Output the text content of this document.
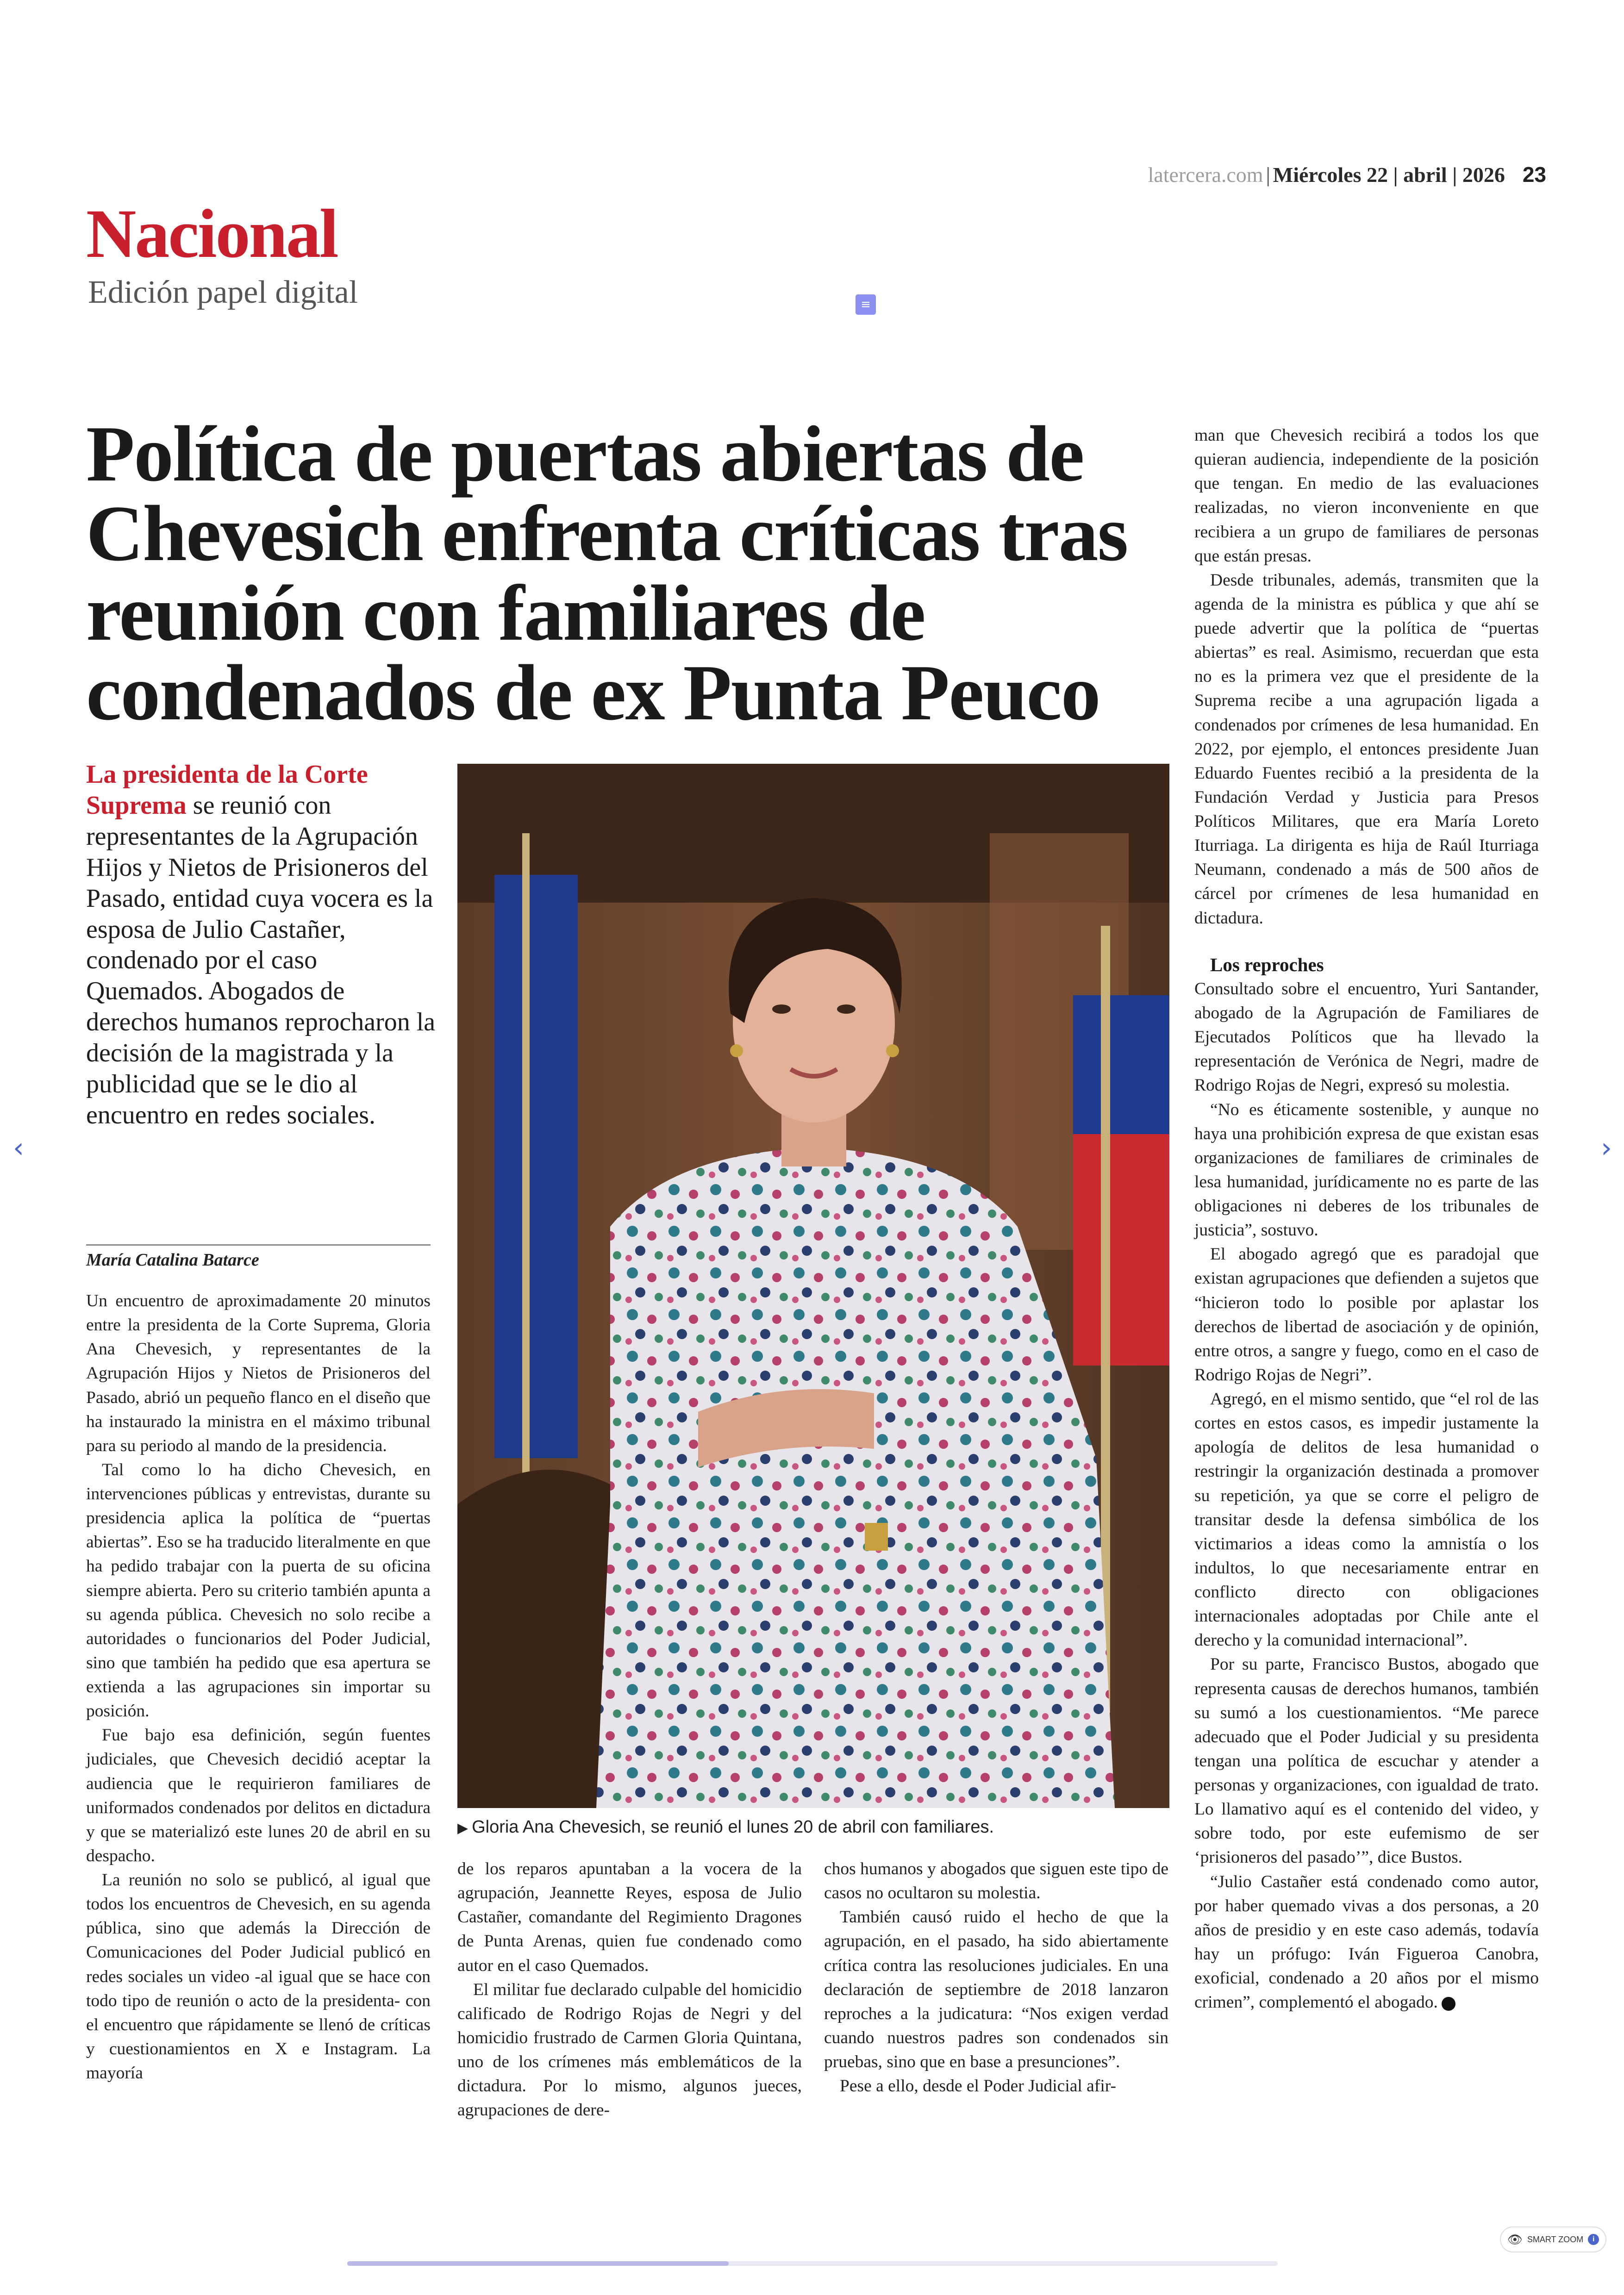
latercera.com | Miércoles 22 | abril | 2026 23
Nacional
Edición papel digital	≡
Política de puertas abiertas de Chevesich enfrenta críticas tras reunión con familiares de condenados de ex Punta Peuco
La presidenta de la Corte Suprema se reunió con representantes de la Agrupación Hijos y Nietos de Prisioneros del Pasado, entidad cuya vocera es la esposa de Julio Castañer, condenado por el caso Quemados. Abogados de derechos humanos reprocharon la decisión de la magistrada y la publicidad que se le dio al encuentro en redes sociales.
María Catalina Batarce

Un encuentro de aproximadamente 20 minutos entre la presidenta de la Corte Suprema, Gloria Ana Chevesich, y representantes de la Agrupación Hijos y Nietos de Prisioneros del Pasado, abrió un pequeño flanco en el diseño que ha instaurado la ministra en el máximo tribunal para su periodo al mando de la presidencia.

Tal como lo ha dicho Chevesich, en intervenciones públicas y entrevistas, durante su presidencia aplica la política de “puertas abiertas”. Eso se ha traducido literalmente en que ha pedido trabajar con la puerta de su oficina siempre abierta. Pero su criterio también apunta a su agenda pública. Chevesich no solo recibe a autoridades o funcionarios del Poder Judicial, sino que también ha pedido que esa apertura se extienda a las agrupaciones sin importar su posición.

Fue bajo esa definición, según fuentes judiciales, que Chevesich decidió aceptar la audiencia que le requirieron familiares de uniformados condenados por delitos en dictadura y que se materializó este lunes 20 de abril en su despacho.

La reunión no solo se publicó, al igual que todos los encuentros de Chevesich, en su agenda pública, sino que además la Dirección de Comunicaciones del Poder Judicial publicó en redes sociales un video -al igual que se hace con todo tipo de reunión o acto de la presidenta- con el encuentro que rápidamente se llenó de críticas y cuestionamientos en X e Instagram. La mayoría

▶ Gloria Ana Chevesich, se reunió el lunes 20 de abril con familiares.

de los reparos apuntaban a la vocera de la agrupación, Jeannette Reyes, esposa de Julio Castañer, comandante del Regimiento Dragones de Punta Arenas, quien fue condenado como autor en el caso Quemados.

El militar fue declarado culpable del homicidio calificado de Rodrigo Rojas de Negri y del homicidio frustrado de Carmen Gloria Quintana, uno de los crímenes más emblemáticos de la dictadura. Por lo mismo, algunos jueces, agrupaciones de dere-

chos humanos y abogados que siguen este tipo de casos no ocultaron su molestia.

También causó ruido el hecho de que la agrupación, en el pasado, ha sido abiertamente crítica contra las resoluciones judiciales. En una declaración de septiembre de 2018 lanzaron reproches a la judicatura: “Nos exigen verdad cuando nuestros padres son condenados sin pruebas, sino que en base a presunciones”.

Pese a ello, desde el Poder Judicial afir-

man que Chevesich recibirá a todos los que quieran audiencia, independiente de la posición que tengan. En medio de las evaluaciones realizadas, no vieron inconveniente en que recibiera a un grupo de familiares de personas que están presas.

Desde tribunales, además, transmiten que la agenda de la ministra es pública y que ahí se puede advertir que la política de “puertas abiertas” es real. Asimismo, recuerdan que esta no es la primera vez que el presidente de la Suprema recibe a una agrupación ligada a condenados por crímenes de lesa humanidad. En 2022, por ejemplo, el entonces presidente Juan Eduardo Fuentes recibió a la presidenta de la Fundación Verdad y Justicia para Presos Políticos Militares, que era María Loreto Iturriaga. La dirigenta es hija de Raúl Iturriaga Neumann, condenado a más de 500 años de cárcel por crímenes de lesa humanidad en dictadura.

Los reproches

Consultado sobre el encuentro, Yuri Santander, abogado de la Agrupación de Familiares de Ejecutados Políticos que ha llevado la representación de Verónica de Negri, madre de Rodrigo Rojas de Negri, expresó su molestia.

“No es éticamente sostenible, y aunque no haya una prohibición expresa de que existan esas organizaciones de familiares de criminales de lesa humanidad, jurídicamente no es parte de las obligaciones ni deberes de los tribunales de justicia”, sostuvo.

El abogado agregó que es paradojal que existan agrupaciones que defienden a sujetos que “hicieron todo lo posible por aplastar los derechos de libertad de asociación y de opinión, entre otros, a sangre y fuego, como en el caso de Rodrigo Rojas de Negri”.

Agregó, en el mismo sentido, que “el rol de las cortes en estos casos, es impedir justamente la apología de delitos de lesa humanidad o restringir la organización destinada a promover su repetición, ya que se corre el peligro de transitar desde la defensa simbólica de los victimarios a ideas como la amnistía o los indultos, lo que necesariamente entrar en conflicto directo con obligaciones internacionales adoptadas por Chile ante el derecho y la comunidad internacional”.

Por su parte, Francisco Bustos, abogado que representa causas de derechos humanos, también su sumó a los cuestionamientos. “Me parece adecuado que el Poder Judicial y su presidenta tengan una política de escuchar y atender a personas y organizaciones, con igualdad de trato. Lo llamativo aquí es el contenido del video, y sobre todo, por este eufemismo de ser ‘prisioneros del pasado’”, dice Bustos.

“Julio Castañer está condenado como autor, por haber quemado vivas a dos personas, a 20 años de presidio y en este caso además, todavía hay un prófugo: Iván Figueroa Canobra, exoficial, condenado a 20 años por el mismo crimen”, complementó el abogado.

‹	›
👁 SMART ZOOM	i
